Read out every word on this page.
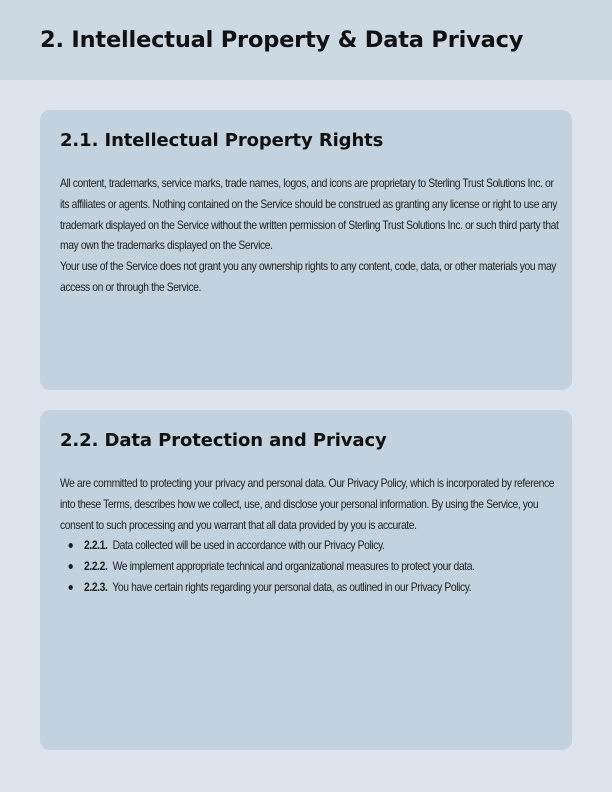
2. Intellectual Property & Data Privacy
2.1. Intellectual Property Rights

All content, trademarks, service marks, trade names, logos, and icons are proprietary to Sterling Trust Solutions Inc. or its affiliates or agents. Nothing contained on the Service should be construed as granting any license or right to use any trademark displayed on the Service without the written permission of Sterling Trust Solutions Inc. or such third party that may own the trademarks displayed on the Service.

Your use of the Service does not grant you any ownership rights to any content, code, data, or other materials you may access on or through the Service.

2.2. Data Protection and Privacy

We are committed to protecting your privacy and personal data. Our Privacy Policy, which is incorporated by reference into these Terms, describes how we collect, use, and disclose your personal information. By using the Service, you consent to such processing and you warrant that all data provided by you is accurate.

2.2.1. Data collected will be used in accordance with our Privacy Policy.
2.2.2. We implement appropriate technical and organizational measures to protect your data.
2.2.3. You have certain rights regarding your personal data, as outlined in our Privacy Policy.
